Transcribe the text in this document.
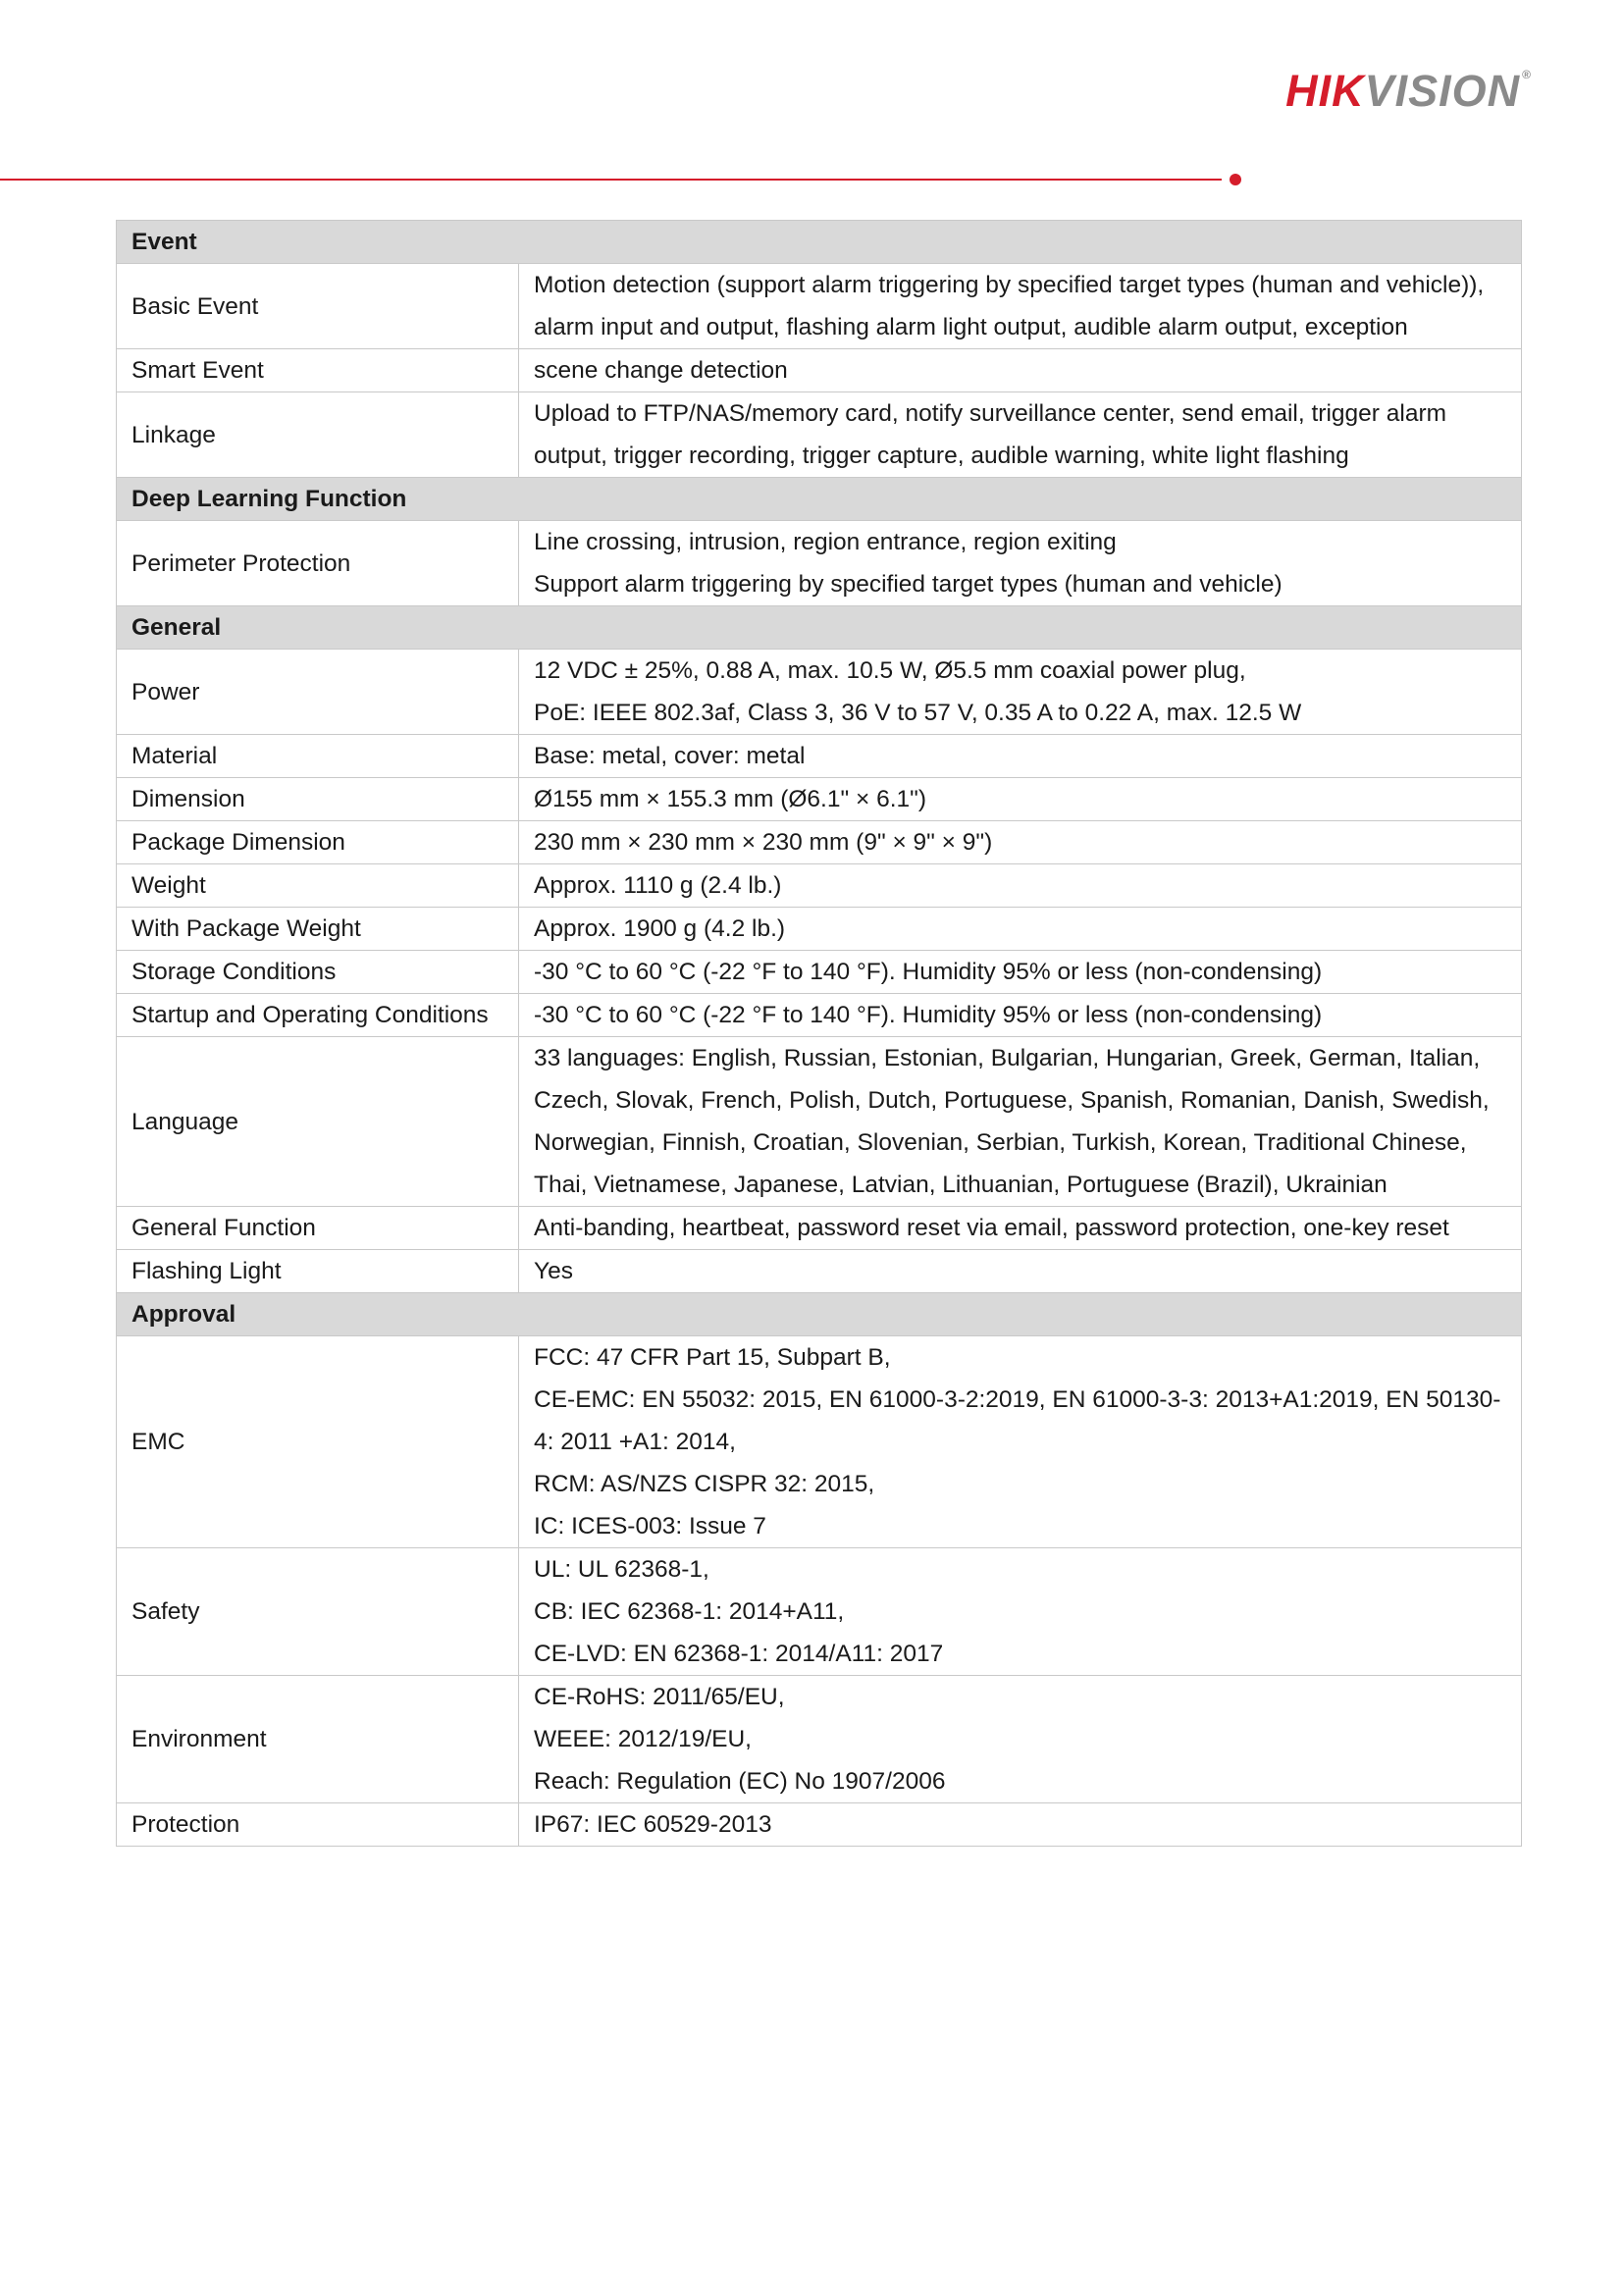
HIKVISION ®
Event	
Basic Event	Motion detection (support alarm triggering by specified target types (human and vehicle)), alarm input and output, flashing alarm light output, audible alarm output, exception
Smart Event	scene change detection
Linkage	Upload to FTP/NAS/memory card, notify surveillance center, send email, trigger alarm output, trigger recording, trigger capture, audible warning, white light flashing
Deep Learning Function	
Perimeter Protection	Line crossing, intrusion, region entrance, region exiting
Support alarm triggering by specified target types (human and vehicle)
General	
Power	12 VDC ± 25%, 0.88 A, max. 10.5 W, Ø5.5 mm coaxial power plug,
PoE: IEEE 802.3af, Class 3, 36 V to 57 V, 0.35 A to 0.22 A, max. 12.5 W
Material	Base: metal, cover: metal
Dimension	Ø155 mm × 155.3 mm (Ø6.1" × 6.1")
Package Dimension	230 mm × 230 mm × 230 mm (9" × 9" × 9")
Weight	Approx. 1110 g (2.4 lb.)
With Package Weight	Approx. 1900 g (4.2 lb.)
Storage Conditions	-30 °C to 60 °C (-22 °F to 140 °F). Humidity 95% or less (non-condensing)
Startup and Operating Conditions	-30 °C to 60 °C (-22 °F to 140 °F). Humidity 95% or less (non-condensing)
Language	33 languages: English, Russian, Estonian, Bulgarian, Hungarian, Greek, German, Italian, Czech, Slovak, French, Polish, Dutch, Portuguese, Spanish, Romanian, Danish, Swedish, Norwegian, Finnish, Croatian, Slovenian, Serbian, Turkish, Korean, Traditional Chinese, Thai, Vietnamese, Japanese, Latvian, Lithuanian, Portuguese (Brazil), Ukrainian
General Function	Anti-banding, heartbeat, password reset via email, password protection, one-key reset
Flashing Light	Yes
Approval	
EMC	FCC: 47 CFR Part 15, Subpart B,
CE-EMC: EN 55032: 2015, EN 61000-3-2:2019, EN 61000-3-3: 2013+A1:2019, EN 50130-4: 2011 +A1: 2014,
RCM: AS/NZS CISPR 32: 2015,
IC: ICES-003: Issue 7
Safety	UL: UL 62368-1,
CB: IEC 62368-1: 2014+A11,
CE-LVD: EN 62368-1: 2014/A11: 2017
Environment	CE-RoHS: 2011/65/EU,
WEEE: 2012/19/EU,
Reach: Regulation (EC) No 1907/2006
Protection	IP67: IEC 60529-2013
